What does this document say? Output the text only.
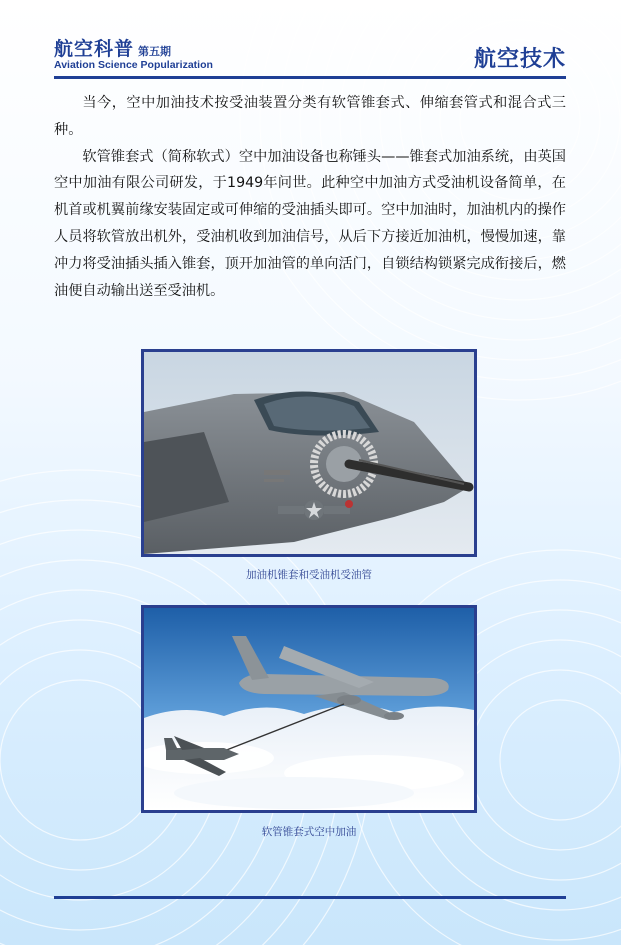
航空科普 第五期
Aviation Science Popularization	航空技术

当今，空中加油技术按受油装置分类有软管锥套式、伸缩套管式和混合式三种。

软管锥套式（简称软式）空中加油设备也称锤头——锥套式加油系统，由英国空中加油有限公司研发，于1949年问世。此种空中加油方式受油机设备简单，在机首或机翼前缘安装固定或可伸缩的受油插头即可。空中加油时，加油机内的操作人员将软管放出机外，受油机收到加油信号，从后下方接近加油机，慢慢加速，靠冲力将受油插头插入锥套，顶开加油管的单向活门，自锁结构锁紧完成衔接后，燃油便自动输出送至受油机。

加油机锥套和受油机受油管
软管锥套式空中加油
